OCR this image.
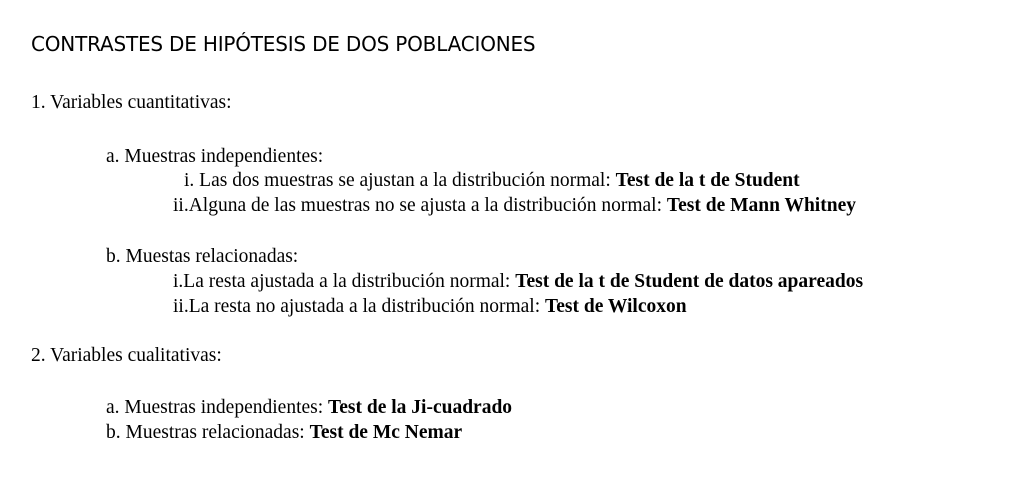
CONTRASTES DE HIPÓTESIS DE DOS POBLACIONES
1. Variables cuantitativas:
a. Muestras independientes:
i. Las dos muestras se ajustan a la distribución normal: Test de la t de Student
ii.Alguna de las muestras no se ajusta a la distribución normal: Test de Mann Whitney
b. Muestas relacionadas:
i.La resta ajustada a la distribución normal: Test de la t de Student de datos apareados
ii.La resta no ajustada a la distribución normal: Test de Wilcoxon
2. Variables cualitativas:
a. Muestras independientes: Test de la Ji-cuadrado
b. Muestras relacionadas: Test de Mc Nemar
